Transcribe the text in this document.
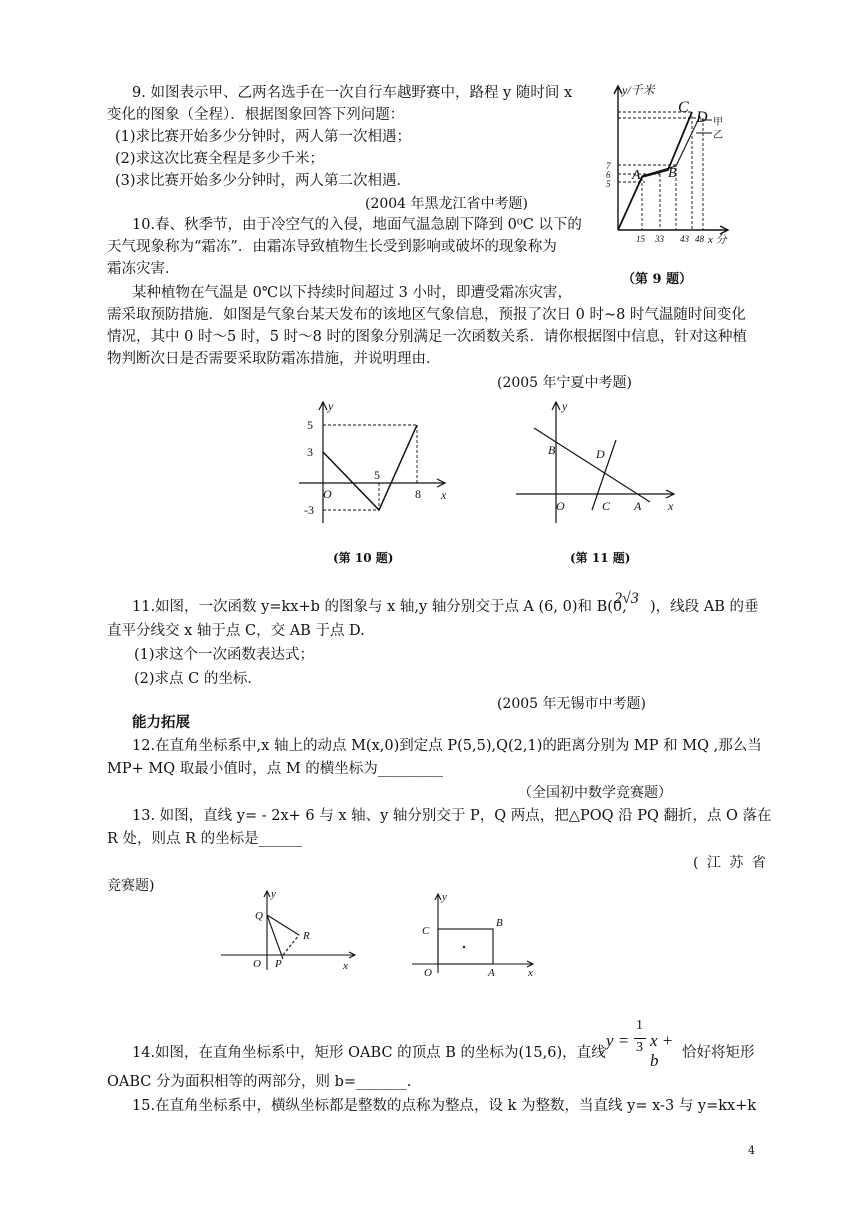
9. 如图表示甲、乙两名选手在一次自行车越野赛中，路程 y 随时间 x
变化的图象（全程）．根据图象回答下列问题：
(1)求比赛开始多少分钟时，两人第一次相遇；
(2)求这次比赛全程是多少千米；
(3)求比赛开始多少分钟时，两人第二次相遇．
(2004 年黑龙江省中考题)
y/千米
x 分
7
6
5
15 33 43 48
A B
C
D 甲
乙
（第 9 题）
10.春、秋季节，由于冷空气的入侵，地面气温急剧下降到 0⁰C 以下的
天气现象称为“霜冻”．由霜冻导致植物生长受到影响或破坏的现象称为
霜冻灾害．
某种植物在气温是 0℃以下持续时间超过 3 小时，即遭受霜冻灾害，
需采取预防措施．如图是气象台某天发布的该地区气象信息，预报了次日 0 时~8 时气温随时间变化
情况，其中 0 时～5 时，5 时～8 时的图象分别满足一次函数关系．请你根据图中信息，针对这种植
物判断次日是否需要采取防霜冻措施，并说明理由．
(2005 年宁夏中考题)
y
x
O
5
3
-3
5
8
(第 10 题)
y
x
B	D
O	C A
(第 11 题)
11.如图，一次函数 y=kx+b 的图象与 x 轴,y 轴分别交于点 A (6, 0)和 B(0,
2√3 )，线段 AB 的垂
直平分线交 x 轴于点 C，交 AB 于点 D.
(1)求这个一次函数表达式；
(2)求点 C 的坐标．
(2005 年无锡市中考题)
能力拓展
12.在直角坐标系中,x 轴上的动点 M(x,0)到定点 P(5,5),Q(2,1)的距离分别为 MP 和 MQ ,那么当
MP+ MQ 取最小值时，点 M 的横坐标为_________
（全国初中数学竞赛题）
13. 如图，直线 y= - 2x+ 6 与 x 轴、y 轴分别交于 P，Q 两点，把△POQ 沿 PQ 翻折，点 O 落在
R 处，则点 R 的坐标是______
( 江 苏 省
竞赛题)	y
Q
R
O P	x
y
C
B
O	A	x
y =
1
3 x + b
14.如图，在直角坐标系中，矩形 OABC 的顶点 B 的坐标为(15,6)，直线	恰好将矩形
OABC 分为面积相等的两部分，则 b=_______.
15.在直角坐标系中，横纵坐标都是整数的点称为整点，设 k 为整数，当直线 y= x-3 与 y=kx+k
4
